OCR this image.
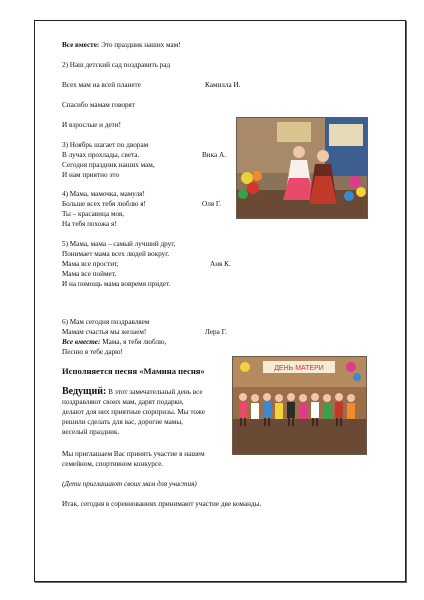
Все вместе: Это праздник наших мам!
2) Наш детский сад поздравить рад
Всех мам на всей планете	Камилла И.
Спасибо мамам говорят
И взрослые и дети!
3) Ноябрь шагает по дворам
В лучах прохлады, света.	Вика А.
Сегодня праздник наших мам,
И нам приятно это
4) Мама, мамочка, мамуля!
Больше всех тебя люблю я!	Оля Г.
Ты – красавица моя,
На тебя похожа я!
5) Мама, мама – самый лучший друг,
Понимает мама всех людей вокруг.
Мама все простит,	Аня К.
Мама все поймет,
И на помощь мама вовремя придет.
6) Мам сегодня поздравляем
Мамам счастья мы желаем!	Лера Г.
Все вместе: Мама, я тебя люблю,
Песню я тебе дарю!
Исполняется песня «Мамина песня»
Ведущий: В этот замечательный день все
поздравляют своих мам, дарят подарки,
делают для них приятные сюрпризы. Мы тоже
решили сделать для вас, дорогие мамы,
веселый праздник.
Мы приглашаем Вас принять участие в нашем
семейном, спортивном конкурсе.
(Дети приглашают своих мам для участия)
Итак, сегодня в соревнованиях принимают участие две команды.
ДЕНЬ МАТЕРИ
